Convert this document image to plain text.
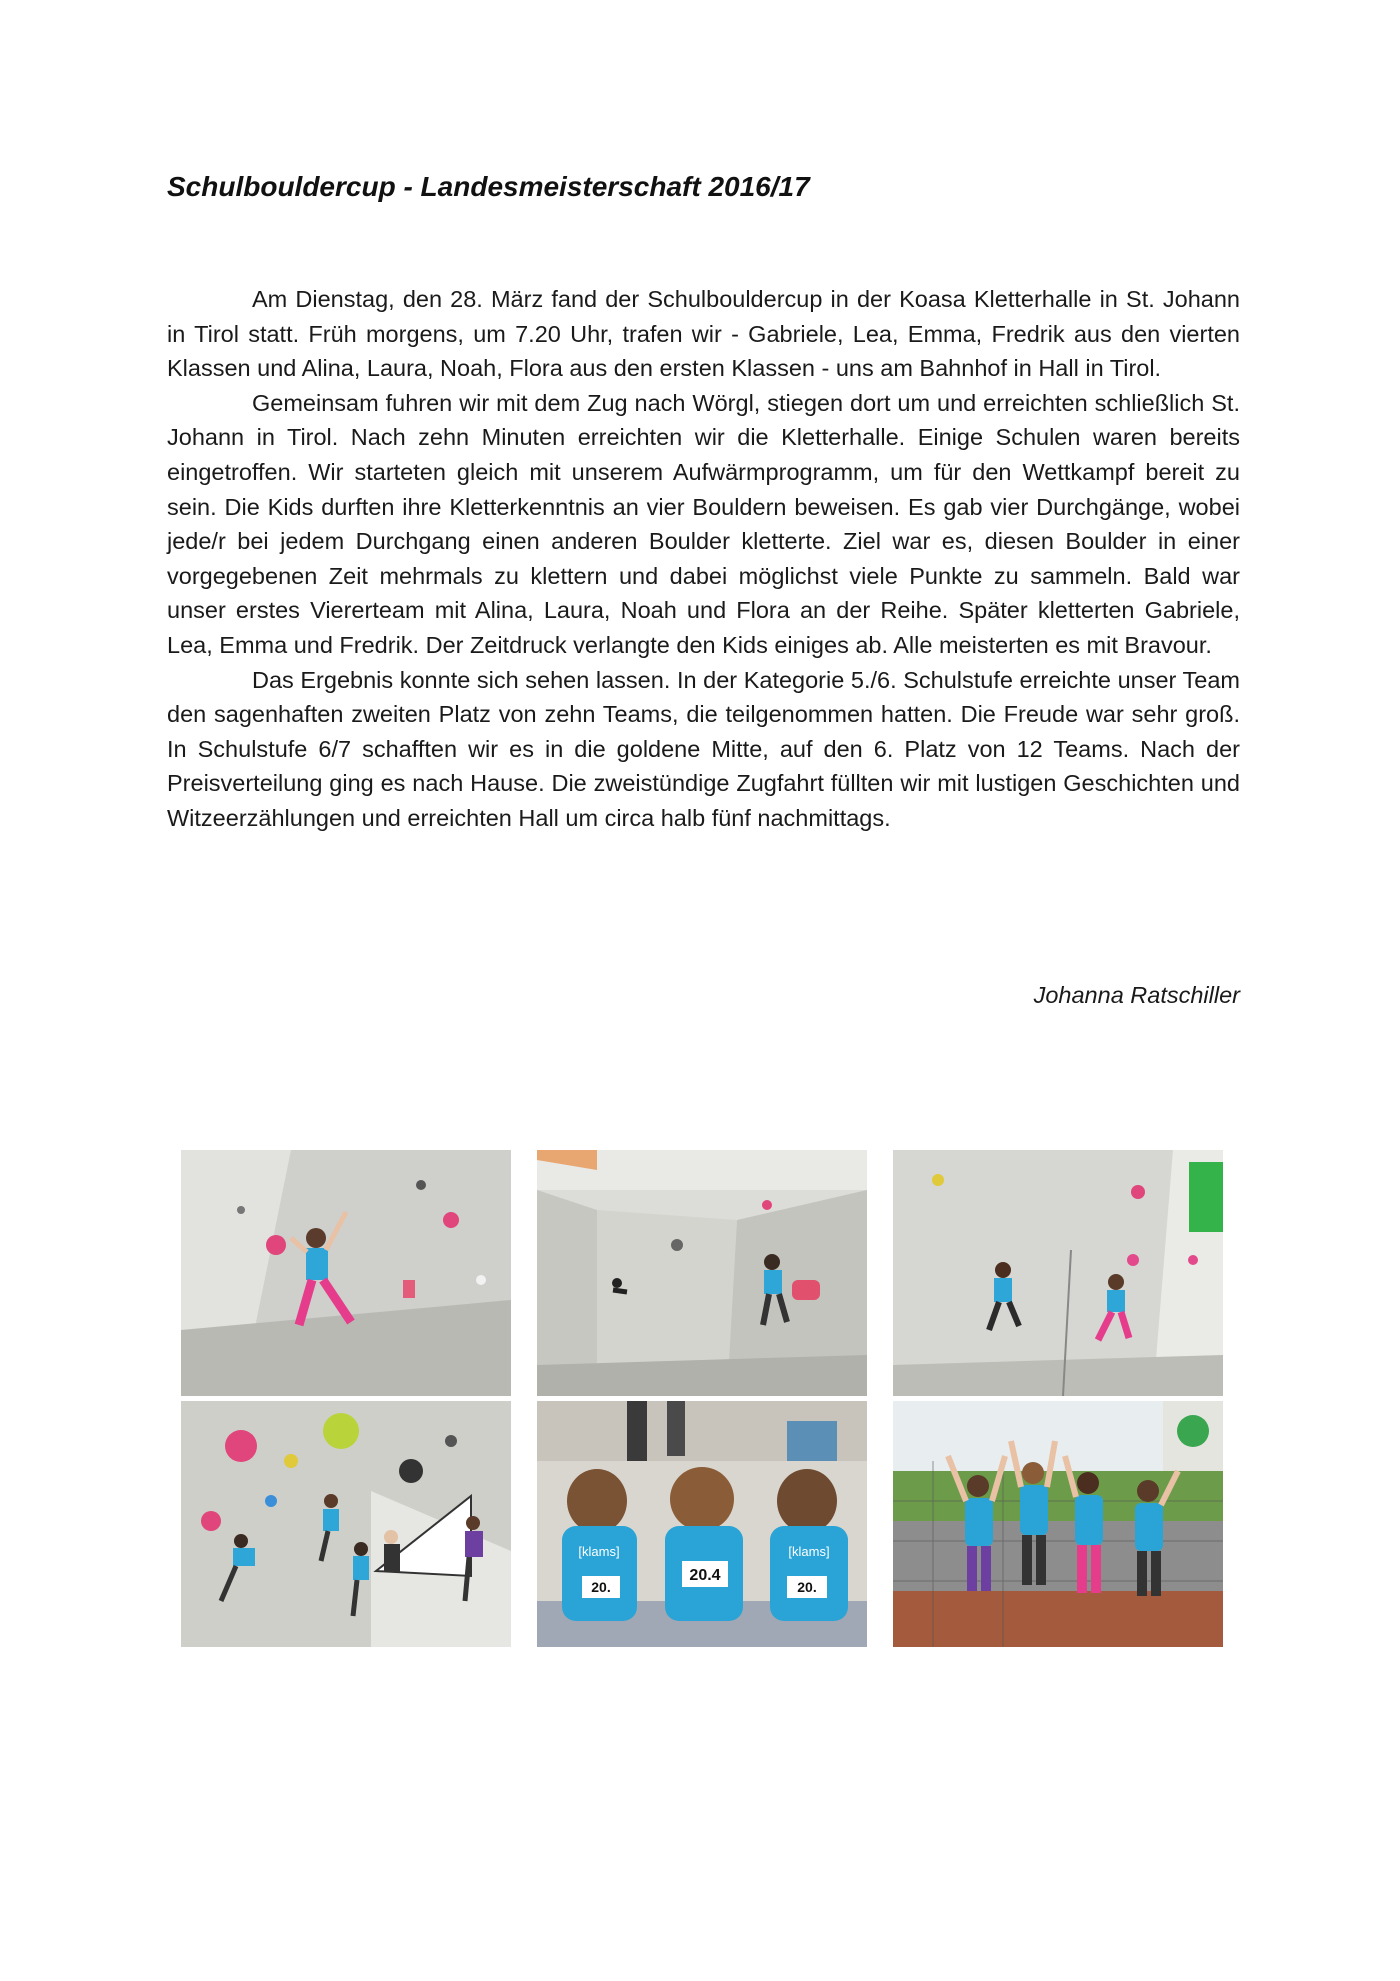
Schulbouldercup - Landesmeisterschaft 2016/17

Am Dienstag, den 28. März fand der Schulbouldercup in der Koasa Kletterhalle in St. Johann in Tirol statt. Früh morgens, um 7.20 Uhr, trafen wir - Gabriele, Lea, Emma, Fredrik aus den vierten Klassen und Alina, Laura, Noah, Flora aus den ersten Klassen - uns am Bahnhof in Hall in Tirol.

Gemeinsam fuhren wir mit dem Zug nach Wörgl, stiegen dort um und erreichten schließlich St. Johann in Tirol. Nach zehn Minuten erreichten wir die Kletterhalle. Einige Schulen waren bereits eingetroffen. Wir starteten gleich mit unserem Aufwärmprogramm, um für den Wettkampf bereit zu sein. Die Kids durften ihre Kletterkenntnis an vier Bouldern beweisen. Es gab vier Durchgänge, wobei jede/r bei jedem Durchgang einen anderen Boulder kletterte. Ziel war es, diesen Boulder in einer vorgegebenen Zeit mehrmals zu klettern und dabei möglichst viele Punkte zu sammeln. Bald war unser erstes Viererteam mit Alina, Laura, Noah und Flora an der Reihe. Später kletterten Gabriele, Lea, Emma und Fredrik. Der Zeitdruck verlangte den Kids einiges ab. Alle meisterten es mit Bravour.

Das Ergebnis konnte sich sehen lassen. In der Kategorie 5./6. Schulstufe erreichte unser Team den sagenhaften zweiten Platz von zehn Teams, die teilgenommen hatten. Die Freude war sehr groß. In Schulstufe 6/7 schafften wir es in die goldene Mitte, auf den 6. Platz von 12 Teams. Nach der Preisverteilung ging es nach Hause. Die zweistündige Zugfahrt füllten wir mit lustigen Geschichten und Witzeerzählungen und erreichten Hall um circa halb fünf nachmittags.

Johanna Ratschiller
20.
[klams]
20.4
20.
[klams]
